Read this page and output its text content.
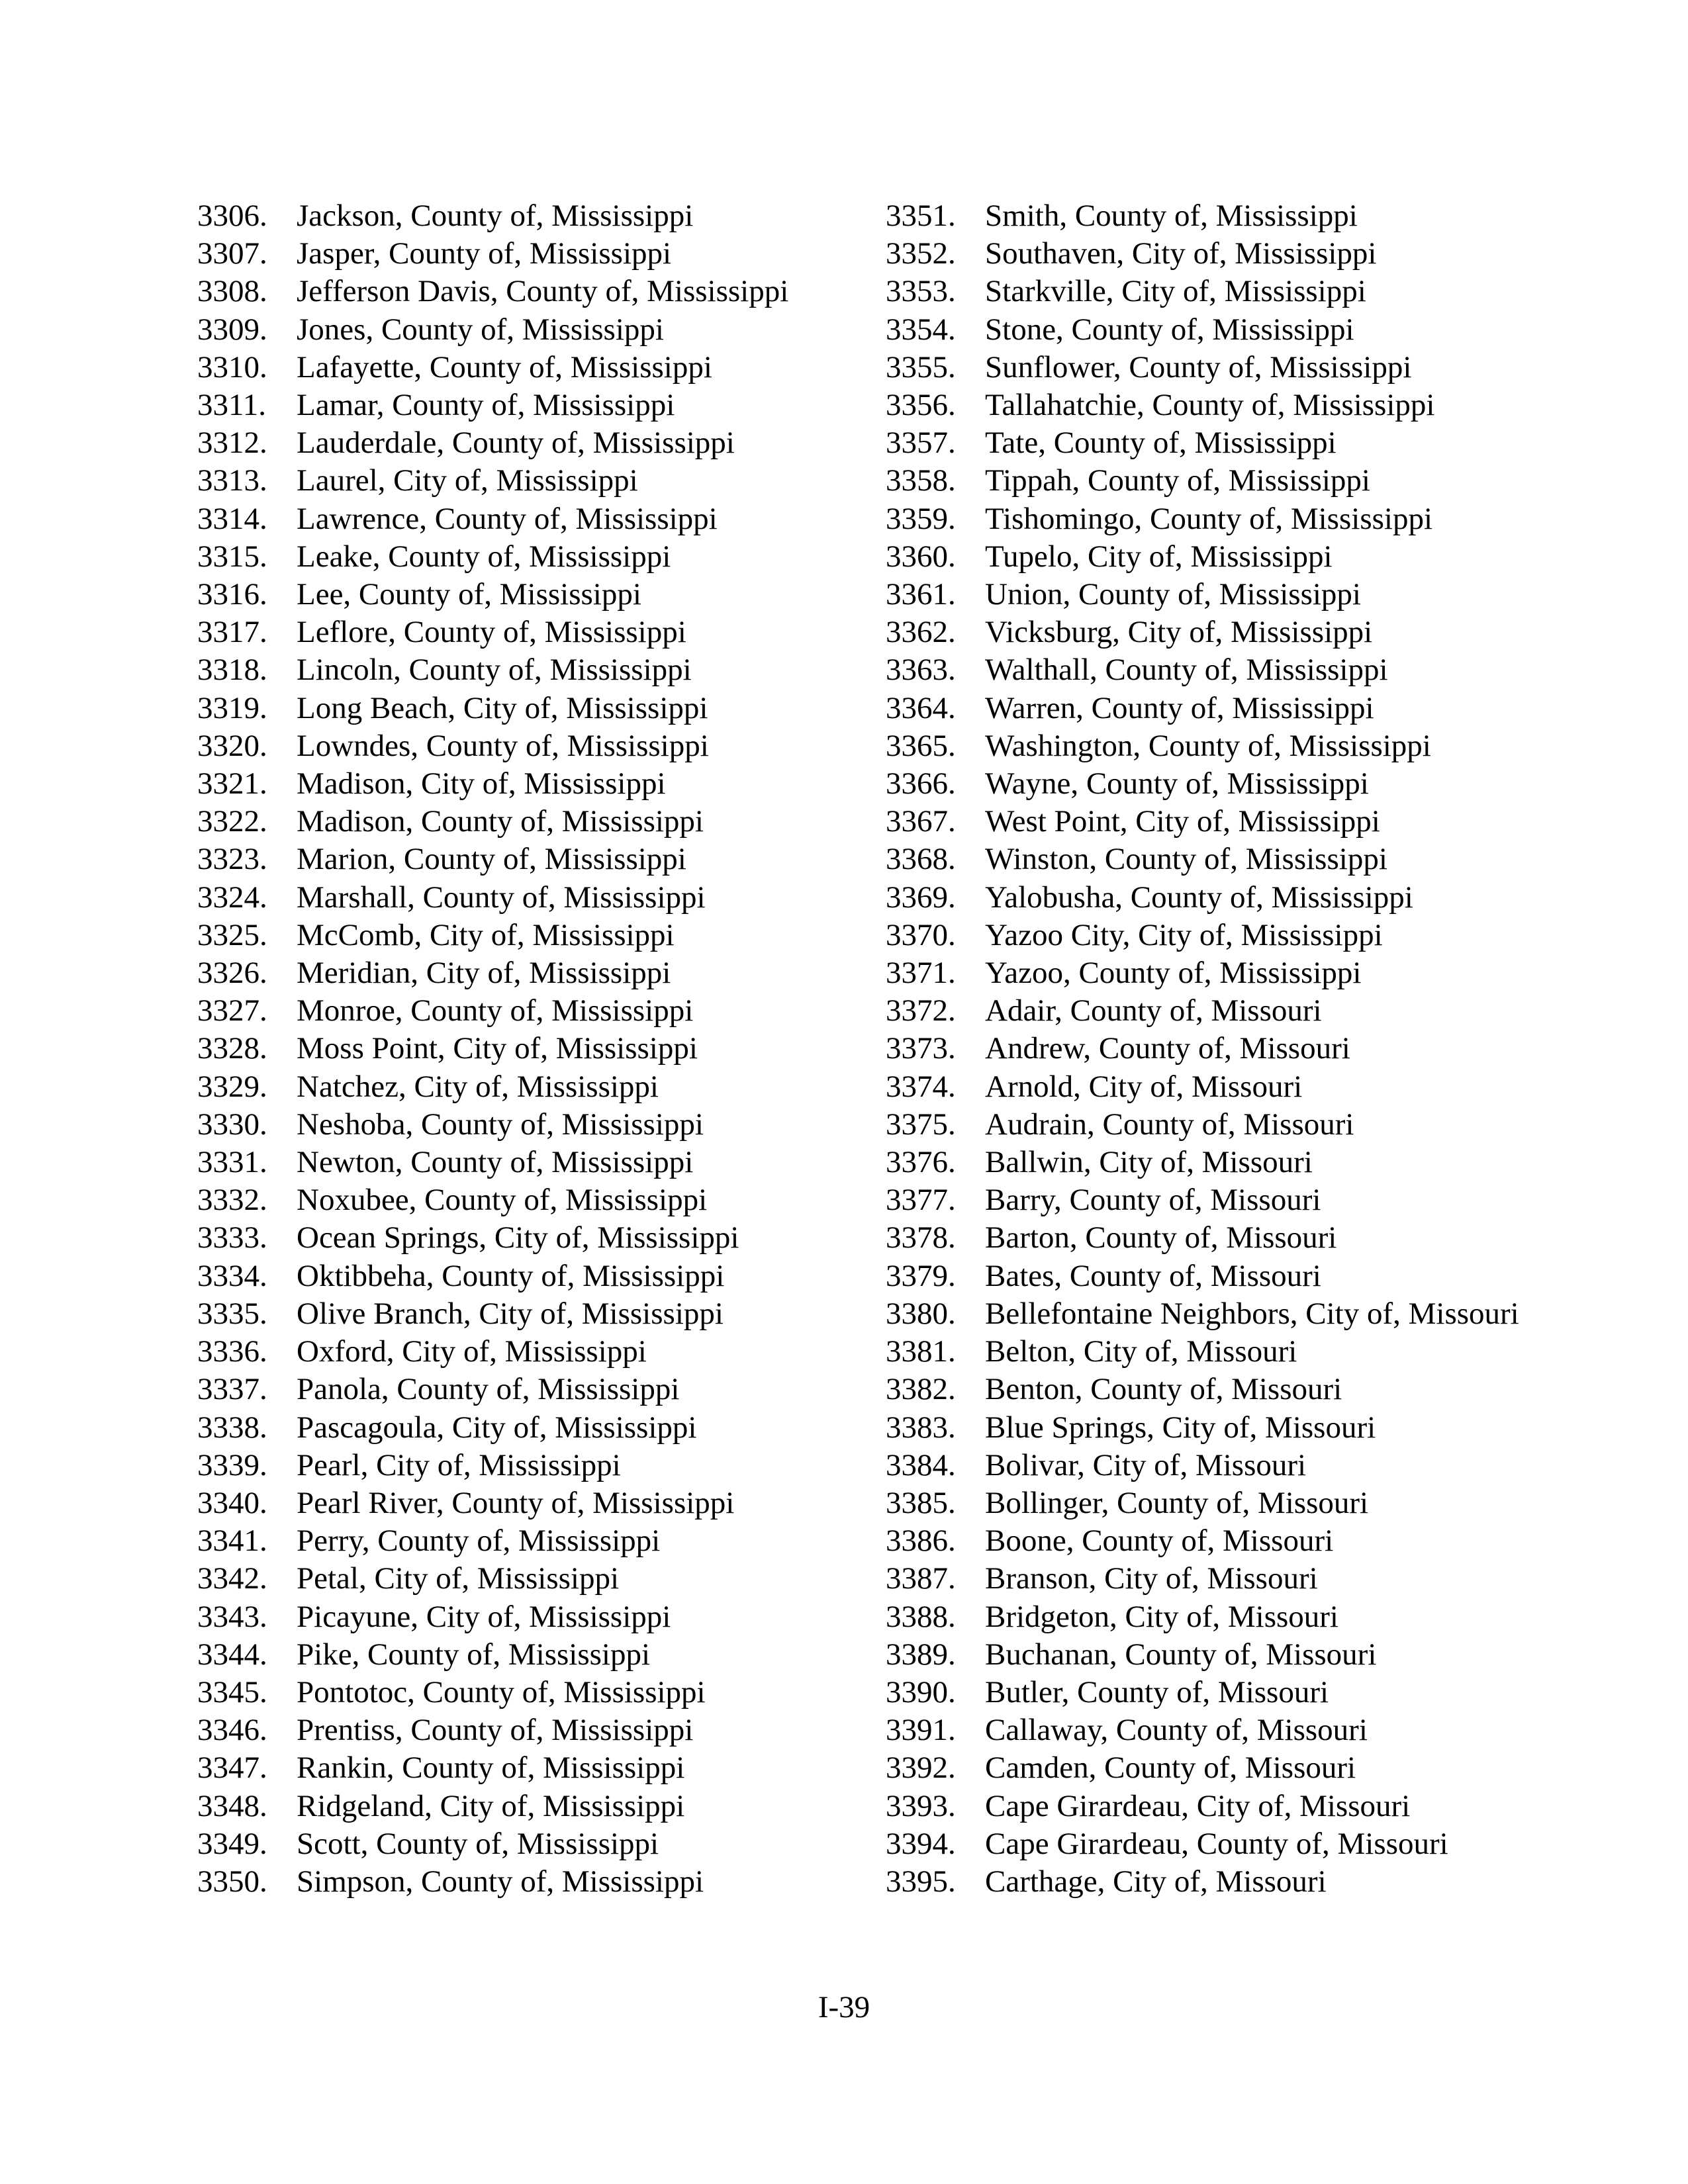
3306. Jackson, County of, Mississippi
3307. Jasper, County of, Mississippi
3308. Jefferson Davis, County of, Mississippi
3309. Jones, County of, Mississippi
3310. Lafayette, County of, Mississippi
3311. Lamar, County of, Mississippi
3312. Lauderdale, County of, Mississippi
3313. Laurel, City of, Mississippi
3314. Lawrence, County of, Mississippi
3315. Leake, County of, Mississippi
3316. Lee, County of, Mississippi
3317. Leflore, County of, Mississippi
3318. Lincoln, County of, Mississippi
3319. Long Beach, City of, Mississippi
3320. Lowndes, County of, Mississippi
3321. Madison, City of, Mississippi
3322. Madison, County of, Mississippi
3323. Marion, County of, Mississippi
3324. Marshall, County of, Mississippi
3325. McComb, City of, Mississippi
3326. Meridian, City of, Mississippi
3327. Monroe, County of, Mississippi
3328. Moss Point, City of, Mississippi
3329. Natchez, City of, Mississippi
3330. Neshoba, County of, Mississippi
3331. Newton, County of, Mississippi
3332. Noxubee, County of, Mississippi
3333. Ocean Springs, City of, Mississippi
3334. Oktibbeha, County of, Mississippi
3335. Olive Branch, City of, Mississippi
3336. Oxford, City of, Mississippi
3337. Panola, County of, Mississippi
3338. Pascagoula, City of, Mississippi
3339. Pearl, City of, Mississippi
3340. Pearl River, County of, Mississippi
3341. Perry, County of, Mississippi
3342. Petal, City of, Mississippi
3343. Picayune, City of, Mississippi
3344. Pike, County of, Mississippi
3345. Pontotoc, County of, Mississippi
3346. Prentiss, County of, Mississippi
3347. Rankin, County of, Mississippi
3348. Ridgeland, City of, Mississippi
3349. Scott, County of, Mississippi
3350. Simpson, County of, Mississippi
3351. Smith, County of, Mississippi
3352. Southaven, City of, Mississippi
3353. Starkville, City of, Mississippi
3354. Stone, County of, Mississippi
3355. Sunflower, County of, Mississippi
3356. Tallahatchie, County of, Mississippi
3357. Tate, County of, Mississippi
3358. Tippah, County of, Mississippi
3359. Tishomingo, County of, Mississippi
3360. Tupelo, City of, Mississippi
3361. Union, County of, Mississippi
3362. Vicksburg, City of, Mississippi
3363. Walthall, County of, Mississippi
3364. Warren, County of, Mississippi
3365. Washington, County of, Mississippi
3366. Wayne, County of, Mississippi
3367. West Point, City of, Mississippi
3368. Winston, County of, Mississippi
3369. Yalobusha, County of, Mississippi
3370. Yazoo City, City of, Mississippi
3371. Yazoo, County of, Mississippi
3372. Adair, County of, Missouri
3373. Andrew, County of, Missouri
3374. Arnold, City of, Missouri
3375. Audrain, County of, Missouri
3376. Ballwin, City of, Missouri
3377. Barry, County of, Missouri
3378. Barton, County of, Missouri
3379. Bates, County of, Missouri
3380. Bellefontaine Neighbors, City of, Missouri
3381. Belton, City of, Missouri
3382. Benton, County of, Missouri
3383. Blue Springs, City of, Missouri
3384. Bolivar, City of, Missouri
3385. Bollinger, County of, Missouri
3386. Boone, County of, Missouri
3387. Branson, City of, Missouri
3388. Bridgeton, City of, Missouri
3389. Buchanan, County of, Missouri
3390. Butler, County of, Missouri
3391. Callaway, County of, Missouri
3392. Camden, County of, Missouri
3393. Cape Girardeau, City of, Missouri
3394. Cape Girardeau, County of, Missouri
3395. Carthage, City of, Missouri
I-39
